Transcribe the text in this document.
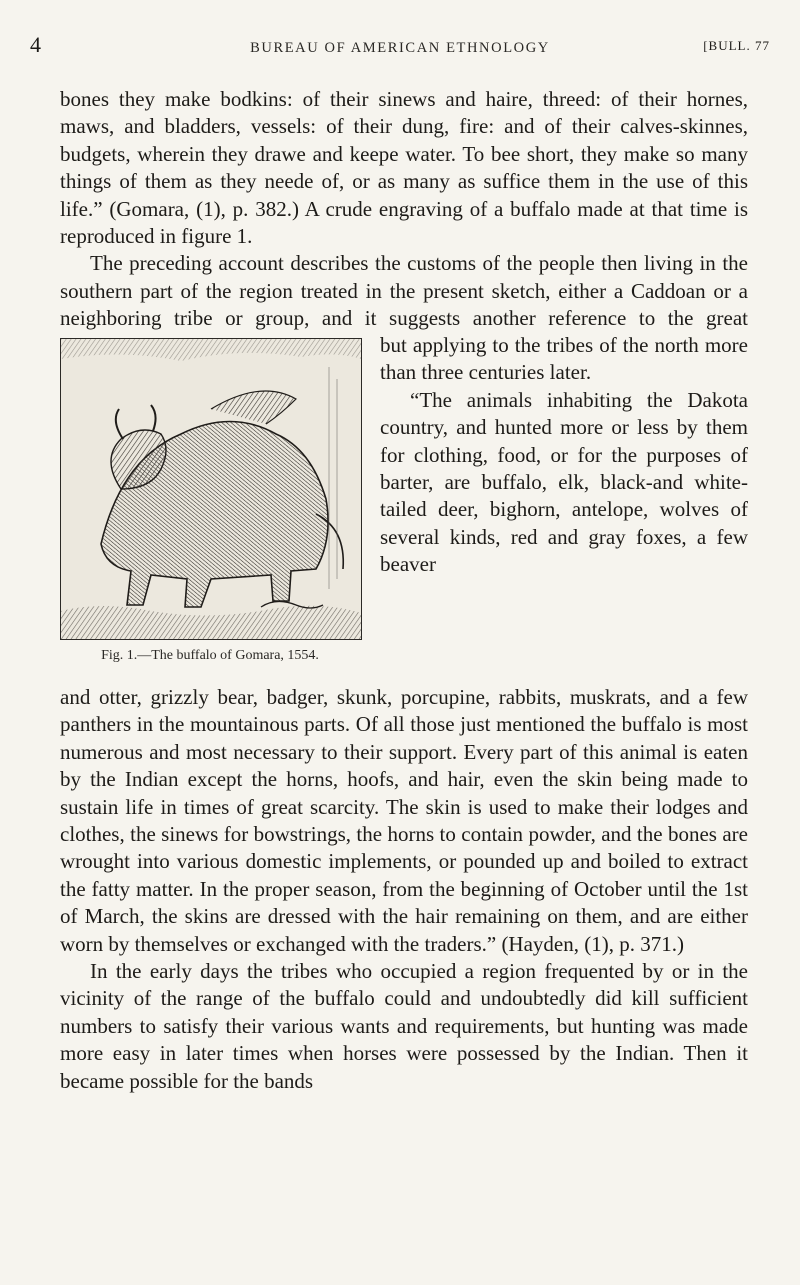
4	BUREAU OF AMERICAN ETHNOLOGY	[BULL. 77

bones they make bodkins: of their sinews and haire, threed: of their hornes, maws, and bladders, vessels: of their dung, fire: and of their calves-skinnes, budgets, wherein they drawe and keepe water. To bee short, they make so many things of them as they neede of, or as many as suffice them in the use of this life.” (Gomara, (1), p. 382.) A crude engraving of a buffalo made at that time is reproduced in figure 1.

The preceding account describes the customs of the people then living in the southern part of the region treated in the present sketch, either a Caddoan or a neighboring tribe or group, and it suggests another reference to the great

Fig. 1.—The buffalo of Gomara, 1554.

but applying to the tribes of the north more than three centuries later.

“The animals inhabiting the Dakota country, and hunted more or less by them for clothing, food, or for the purposes of barter, are buffalo, elk, black-and white-tailed deer, bighorn, antelope, wolves of several kinds, red and gray foxes, a few beaver

and otter, grizzly bear, badger, skunk, porcupine, rabbits, muskrats, and a few panthers in the mountainous parts. Of all those just mentioned the buffalo is most numerous and most necessary to their support. Every part of this animal is eaten by the Indian except the horns, hoofs, and hair, even the skin being made to sustain life in times of great scarcity. The skin is used to make their lodges and clothes, the sinews for bowstrings, the horns to contain powder, and the bones are wrought into various domestic implements, or pounded up and boiled to extract the fatty matter. In the proper season, from the beginning of October until the 1st of March, the skins are dressed with the hair remaining on them, and are either worn by themselves or exchanged with the traders.” (Hayden, (1), p. 371.)

In the early days the tribes who occupied a region frequented by or in the vicinity of the range of the buffalo could and undoubtedly did kill sufficient numbers to satisfy their various wants and requirements, but hunting was made more easy in later times when horses were possessed by the Indian. Then it became possible for the bands
